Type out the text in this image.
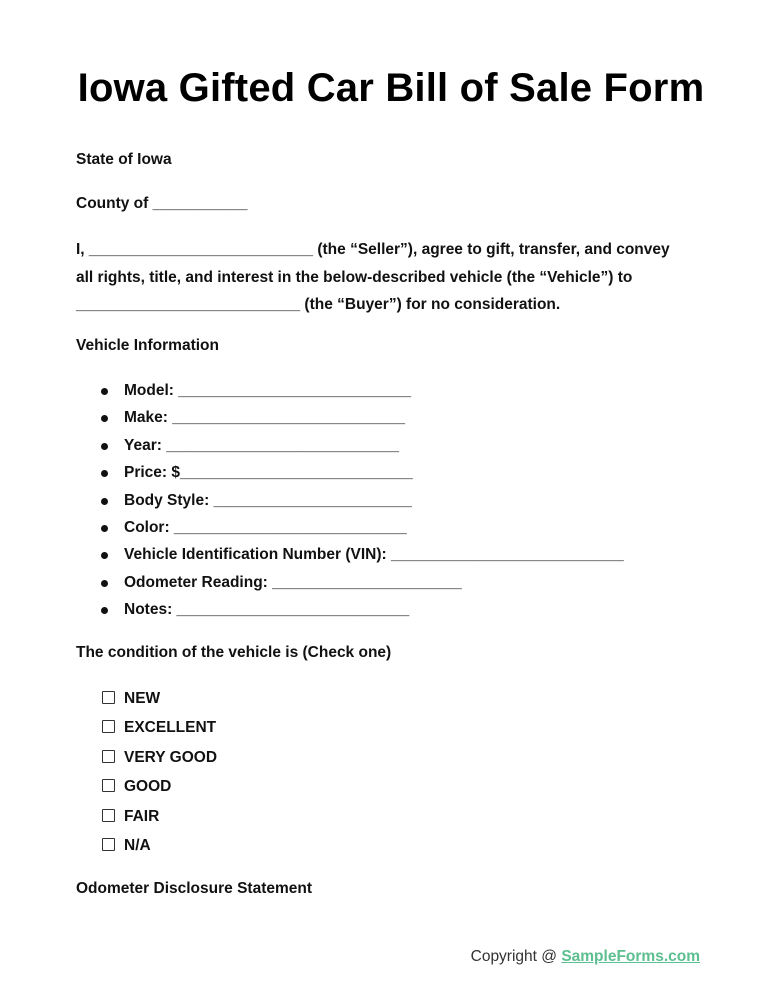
Iowa Gifted Car Bill of Sale Form

State of Iowa

County of ___________

I, __________________________ (the “Seller”), agree to gift, transfer, and convey
all rights, title, and interest in the below-described vehicle (the “Vehicle”) to
__________________________ (the “Buyer”) for no consideration.

Vehicle Information

Model: ___________________________
Make: ___________________________
Year: ___________________________
Price: $___________________________
Body Style: _______________________
Color: ___________________________
Vehicle Identification Number (VIN): ___________________________
Odometer Reading: ______________________
Notes: ___________________________

The condition of the vehicle is (Check one)

NEW
EXCELLENT
VERY GOOD
GOOD
FAIR
N/A

Odometer Disclosure Statement

Copyright @ SampleForms.com
